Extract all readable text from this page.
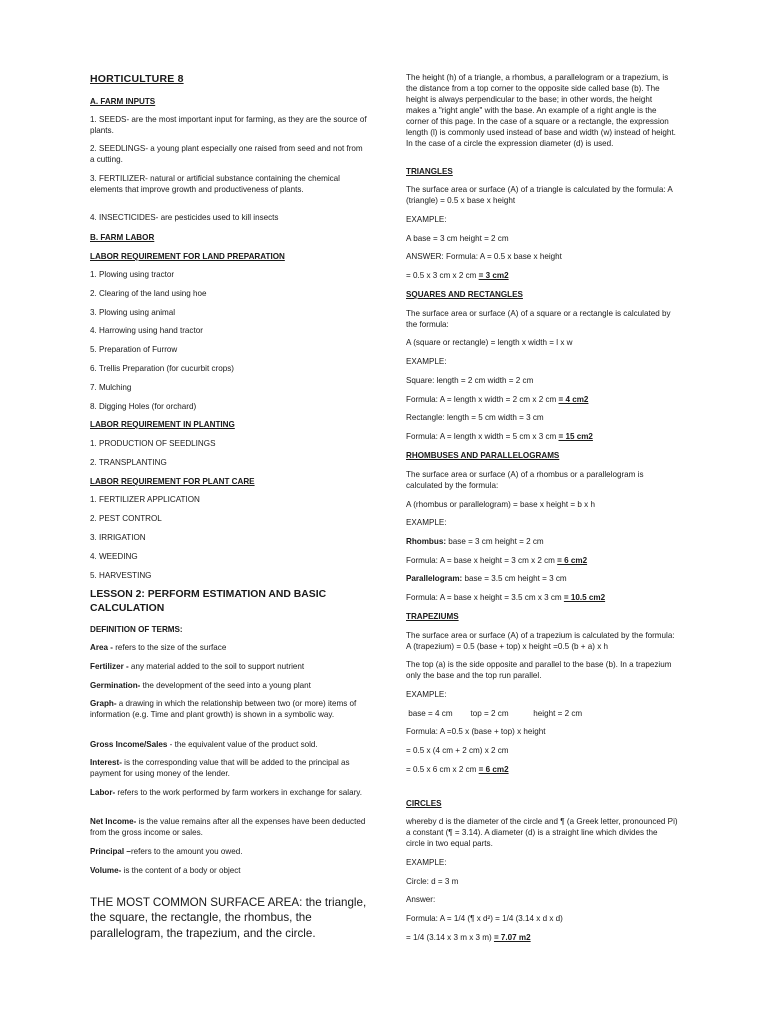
HORTICULTURE 8
A. FARM INPUTS

1. SEEDS- are the most important input for farming, as they are the source of plants.

2. SEEDLINGS- a young plant especially one raised from seed and not from a cutting.

3. FERTILIZER- natural or artificial substance containing the chemical elements that improve growth and productiveness of plants.

4. INSECTICIDES- are pesticides used to kill insects

B. FARM LABOR
LABOR REQUIREMENT FOR LAND PREPARATION

1. Plowing using tractor

2. Clearing of the land using hoe

3. Plowing using animal

4. Harrowing using hand tractor

5. Preparation of Furrow

6. Trellis Preparation (for cucurbit crops)

7. Mulching

8. Digging Holes (for orchard)

LABOR REQUIREMENT IN PLANTING

1. PRODUCTION OF SEEDLINGS

2. TRANSPLANTING

LABOR REQUIREMENT FOR PLANT CARE

1. FERTILIZER APPLICATION

2. PEST CONTROL

3. IRRIGATION

4. WEEDING

5. HARVESTING

LESSON 2: PERFORM ESTIMATION AND BASIC CALCULATION
DEFINITION OF TERMS:

Area - refers to the size of the surface

Fertilizer - any material added to the soil to support nutrient

Germination- the development of the seed into a young plant

Graph- a drawing in which the relationship between two (or more) items of information (e.g. Time and plant growth) is shown in a symbolic way.

Gross Income/Sales - the equivalent value of the product sold.

Interest- is the corresponding value that will be added to the principal as payment for using money of the lender.

Labor- refers to the work performed by farm workers in exchange for salary.

Net Income- is the value remains after all the expenses have been deducted from the gross income or sales.

Principal –refers to the amount you owed.

Volume- is the content of a body or object

THE MOST COMMON SURFACE AREA: the triangle, the square, the rectangle, the rhombus, the parallelogram, the trapezium, and the circle.

The height (h) of a triangle, a rhombus, a parallelogram or a trapezium, is the distance from a top corner to the opposite side called base (b). The height is always perpendicular to the base; in other words, the height makes a "right angle" with the base. An example of a right angle is the corner of this page. In the case of a square or a rectangle, the expression length (l) is commonly used instead of base and width (w) instead of height. In the case of a circle the expression diameter (d) is used.

TRIANGLES

The surface area or surface (A) of a triangle is calculated by the formula: A (triangle) = 0.5 x base x height

EXAMPLE:

A base = 3 cm height = 2 cm

ANSWER: Formula: A = 0.5 x base x height

= 0.5 x 3 cm x 2 cm = 3 cm2

SQUARES AND RECTANGLES

The surface area or surface (A) of a square or a rectangle is calculated by the formula:

A (square or rectangle) = length x width = l x w

EXAMPLE:

Square: length = 2 cm width = 2 cm

Formula: A = length x width = 2 cm x 2 cm = 4 cm2

Rectangle: length = 5 cm width = 3 cm

Formula: A = length x width = 5 cm x 3 cm = 15 cm2

RHOMBUSES AND PARALLELOGRAMS

The surface area or surface (A) of a rhombus or a parallelogram is calculated by the formula:

A (rhombus or parallelogram) = base x height = b x h

EXAMPLE:

Rhombus: base = 3 cm height = 2 cm

Formula: A = base x height = 3 cm x 2 cm = 6 cm2

Parallelogram: base = 3.5 cm height = 3 cm

Formula: A = base x height = 3.5 cm x 3 cm = 10.5 cm2

TRAPEZIUMS

The surface area or surface (A) of a trapezium is calculated by the formula: A (trapezium) = 0.5 (base + top) x height =0.5 (b + a) x h

The top (a) is the side opposite and parallel to the base (b). In a trapezium only the base and the top run parallel.

EXAMPLE:

base = 4 cm        top = 2 cm           height = 2 cm

Formula: A =0.5 x (base + top) x height

= 0.5 x (4 cm + 2 cm) x 2 cm

= 0.5 x 6 cm x 2 cm = 6 cm2

CIRCLES

whereby d is the diameter of the circle and ¶ (a Greek letter, pronounced Pi) a constant (¶ = 3.14). A diameter (d) is a straight line which divides the circle in two equal parts.

EXAMPLE:

Circle: d = 3 m

Answer:

Formula: A = 1/4 (¶ x d²) = 1/4 (3.14 x d x d)

= 1/4 (3.14 x 3 m x 3 m) = 7.07 m2
